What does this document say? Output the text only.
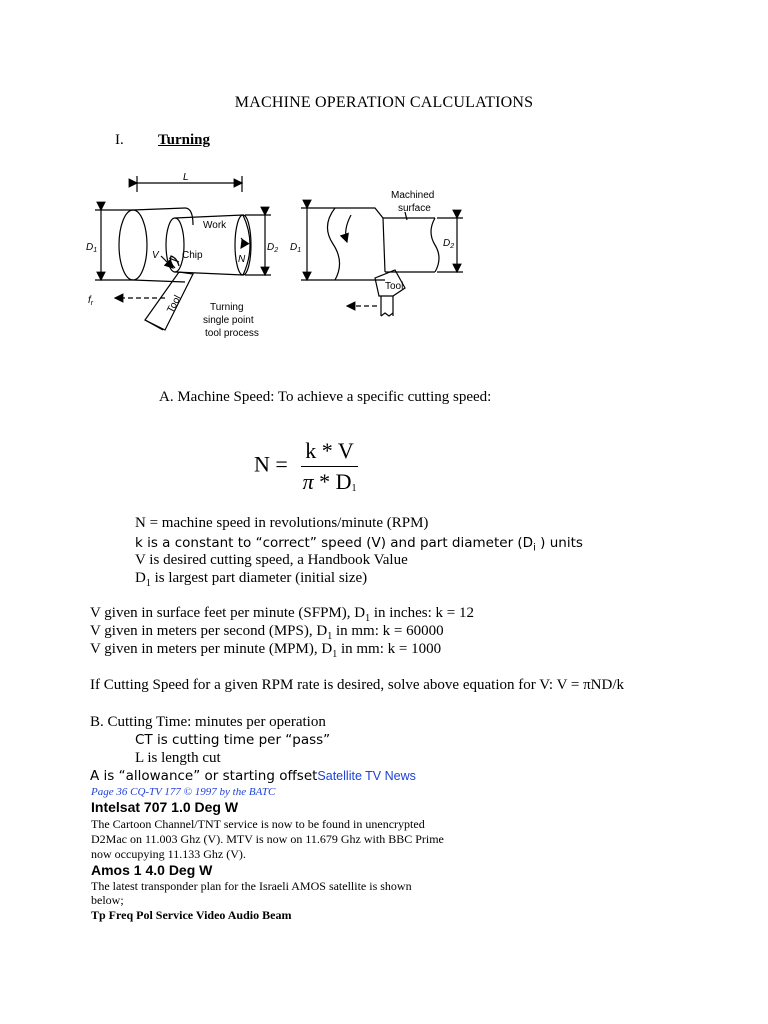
MACHINE OPERATION CALCULATIONS
I. Turning
L
$D_1$	$D_2$
Work
Chip
V	N
Tool
$f_r$	Turning
single point
tool process
Machined
surface
$D_1$
$D_2$
Tool
A. Machine Speed: To achieve a specific cutting speed:
$N = \frac{k * V}{\pi * D_1}$
N = machine speed in revolutions/minute (RPM)
k is a constant to “correct” speed (V) and part diameter ($D_i$ ) units
V is desired cutting speed, a Handbook Value
$D_1$ is largest part diameter (initial size)
V given in surface feet per minute (SFPM), $D_1$ in inches: k = 12
V given in meters per second (MPS), $D_1$ in mm: k = 60000
V given in meters per minute (MPM), $D_1$ in mm: k = 1000
If Cutting Speed for a given RPM rate is desired, solve above equation for V: V = πND/k
B. Cutting Time: minutes per operation
CT is cutting time per “pass”
L is length cut
A is “allowance” or starting offsetSatellite TV News
Page 36 CQ-TV 177 © 1997 by the BATC
Intelsat 707 1.0 Deg W
The Cartoon Channel/TNT service is now to be found in unencrypted
D2Mac on 11.003 Ghz (V). MTV is now on 11.679 Ghz with BBC Prime
now occupying 11.133 Ghz (V).
Amos 1 4.0 Deg W
The latest transponder plan for the Israeli AMOS satellite is shown
below;
Tp Freq Pol Service Video Audio Beam
